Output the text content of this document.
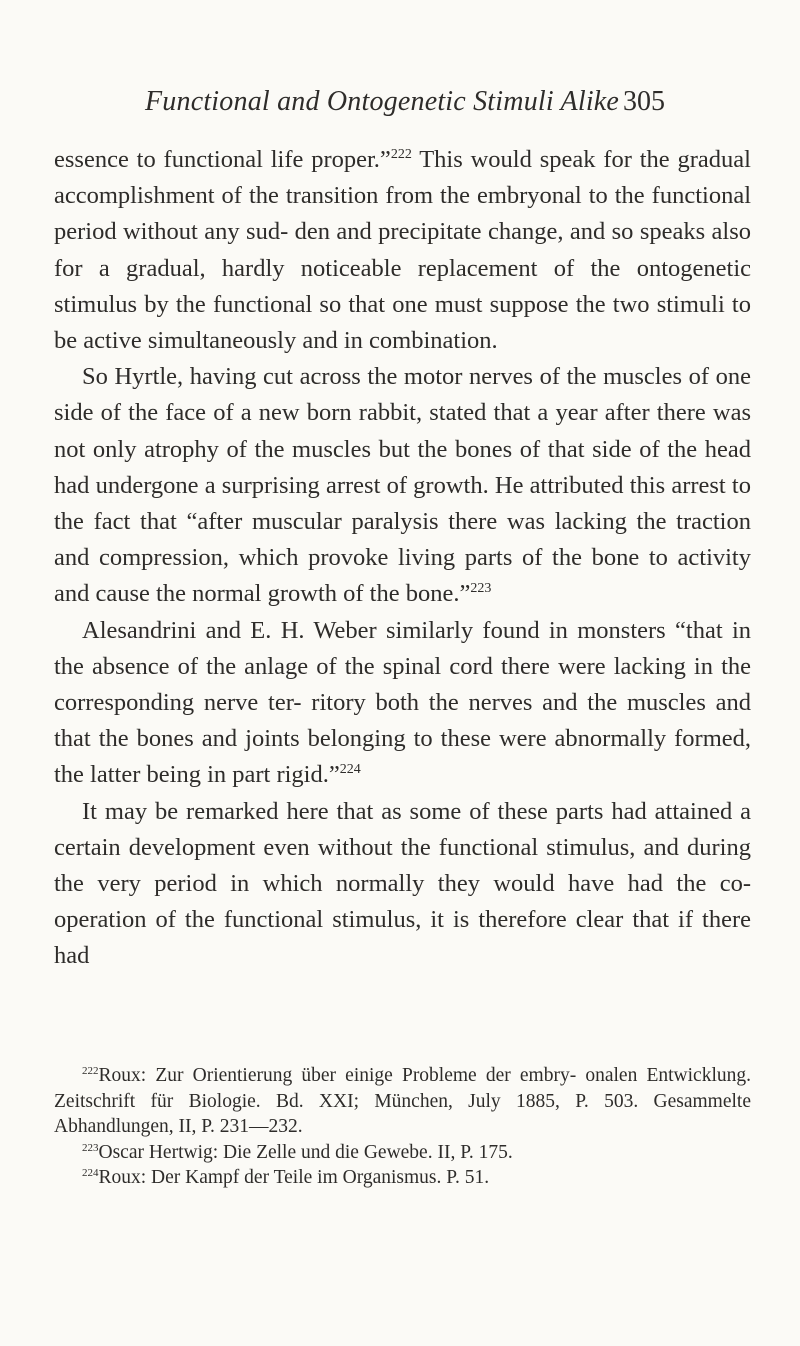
Functional and Ontogenetic Stimuli Alike 305

essence to functional life proper.”$^{222}$ This would speak for the gradual accomplishment of the transition from the embryonal to the functional period without any sud- den and precipitate change, and so speaks also for a gradual, hardly noticeable replacement of the ontogenetic stimulus by the functional so that one must suppose the two stimuli to be active simultaneously and in combination.

So Hyrtle, having cut across the motor nerves of the muscles of one side of the face of a new born rabbit, stated that a year after there was not only atrophy of the muscles but the bones of that side of the head had undergone a surprising arrest of growth. He attributed this arrest to the fact that “after muscular paralysis there was lacking the traction and compression, which provoke living parts of the bone to activity and cause the normal growth of the bone.”$^{223}$

Alesandrini and E. H. Weber similarly found in monsters “that in the absence of the anlage of the spinal cord there were lacking in the corresponding nerve ter- ritory both the nerves and the muscles and that the bones and joints belonging to these were abnormally formed, the latter being in part rigid.”$^{224}$

It may be remarked here that as some of these parts had attained a certain development even without the functional stimulus, and during the very period in which normally they would have had the co-operation of the functional stimulus, it is therefore clear that if there had

$^{222}$Roux: Zur Orientierung über einige Probleme der embry- onalen Entwicklung. Zeitschrift für Biologie. Bd. XXI; München, July 1885, P. 503. Gesammelte Abhandlungen, II, P. 231—232.

$^{223}$Oscar Hertwig: Die Zelle und die Gewebe. II, P. 175.

$^{224}$Roux: Der Kampf der Teile im Organismus. P. 51.
